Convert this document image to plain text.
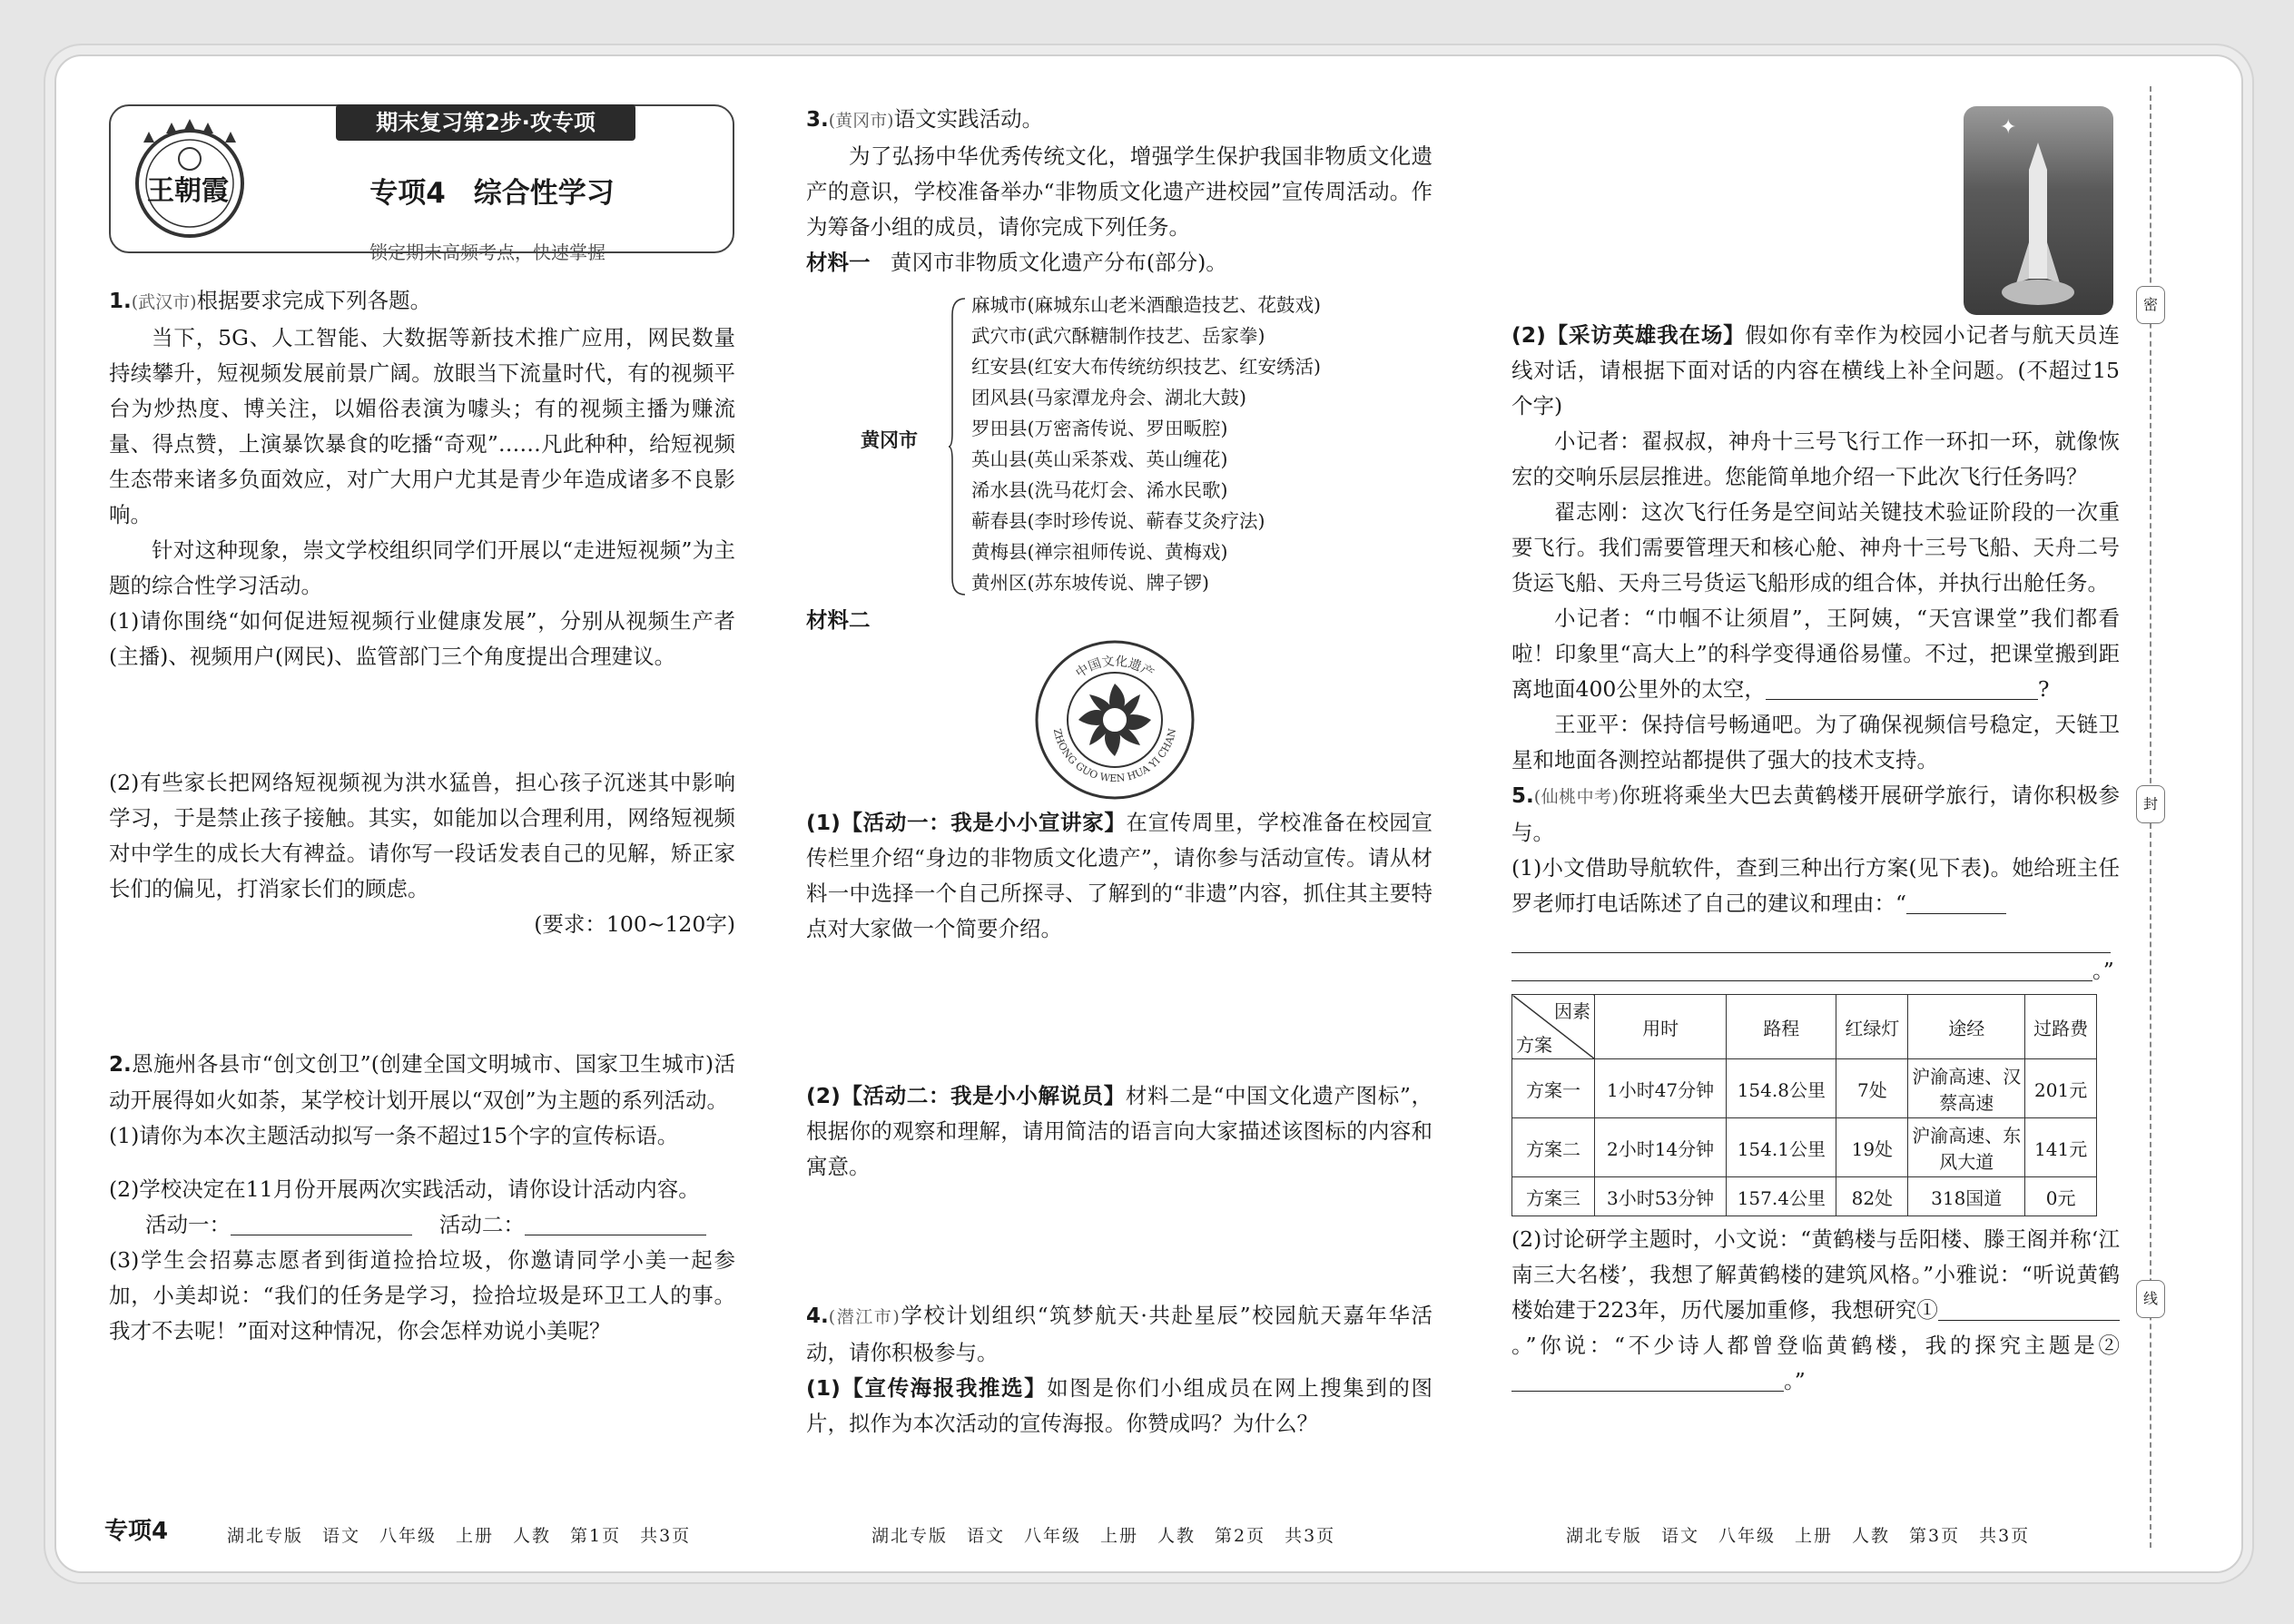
王朝霞
期末复习第2步·攻专项
专项4　综合性学习
锁定期末高频考点，快速掌握

1.(武汉市)根据要求完成下列各题。

当下，5G、人工智能、大数据等新技术推广应用，网民数量持续攀升，短视频发展前景广阔。放眼当下流量时代，有的视频平台为炒热度、博关注，以媚俗表演为噱头；有的视频主播为赚流量、得点赞，上演暴饮暴食的吃播“奇观”……凡此种种，给短视频生态带来诸多负面效应，对广大用户尤其是青少年造成诸多不良影响。

针对这种现象，崇文学校组织同学们开展以“走进短视频”为主题的综合性学习活动。

(1)请你围绕“如何促进短视频行业健康发展”，分别从视频生产者(主播)、视频用户(网民)、监管部门三个角度提出合理建议。

(2)有些家长把网络短视频视为洪水猛兽，担心孩子沉迷其中影响学习，于是禁止孩子接触。其实，如能加以合理利用，网络短视频对中学生的成长大有裨益。请你写一段话发表自己的见解，矫正家长们的偏见，打消家长们的顾虑。

(要求：100~120字)

2.恩施州各县市“创文创卫”(创建全国文明城市、国家卫生城市)活动开展得如火如荼，某学校计划开展以“双创”为主题的系列活动。

(1)请你为本次主题活动拟写一条不超过15个字的宣传标语。

(2)学校决定在11月份开展两次实践活动，请你设计活动内容。

活动一：	活动二：

(3)学生会招募志愿者到街道捡拾垃圾，你邀请同学小美一起参加，小美却说：“我们的任务是学习，捡拾垃圾是环卫工人的事。我才不去呢！”面对这种情况，你会怎样劝说小美呢？

3.(黄冈市)语文实践活动。

为了弘扬中华优秀传统文化，增强学生保护我国非物质文化遗产的意识，学校准备举办“非物质文化遗产进校园”宣传周活动。作为筹备小组的成员，请你完成下列任务。

材料一 黄冈市非物质文化遗产分布(部分)。

黄冈市
麻城市(麻城东山老米酒酿造技艺、花鼓戏)
武穴市(武穴酥糖制作技艺、岳家拳)
红安县(红安大布传统纺织技艺、红安绣活)
团风县(马家潭龙舟会、湖北大鼓)
罗田县(万密斋传说、罗田畈腔)
英山县(英山采茶戏、英山缠花)
浠水县(洗马花灯会、浠水民歌)
蕲春县(李时珍传说、蕲春艾灸疗法)
黄梅县(禅宗祖师传说、黄梅戏)
黄州区(苏东坡传说、牌子锣)

材料二

中国文化遗产
ZHONG GUO WEN HUA YI CHAN

(1)【活动一：我是小小宣讲家】在宣传周里，学校准备在校园宣传栏里介绍“身边的非物质文化遗产”，请你参与活动宣传。请从材料一中选择一个自己所探寻、了解到的“非遗”内容，抓住其主要特点对大家做一个简要介绍。

(2)【活动二：我是小小解说员】材料二是“中国文化遗产图标”，根据你的观察和理解，请用简洁的语言向大家描述该图标的内容和寓意。

4.(潜江市)学校计划组织“筑梦航天·共赴星辰”校园航天嘉年华活动，请你积极参与。

(1)【宣传海报我推选】如图是你们小组成员在网上搜集到的图片，拟作为本次活动的宣传海报。你赞成吗？为什么？

✦

(2)【采访英雄我在场】假如你有幸作为校园小记者与航天员连线对话，请根据下面对话的内容在横线上补全问题。(不超过15个字)

小记者：翟叔叔，神舟十三号飞行工作一环扣一环，就像恢宏的交响乐层层推进。您能简单地介绍一下此次飞行任务吗？

翟志刚：这次飞行任务是空间站关键技术验证阶段的一次重要飞行。我们需要管理天和核心舱、神舟十三号飞船、天舟二号货运飞船、天舟三号货运飞船形成的组合体，并执行出舱任务。

小记者：“巾帼不让须眉”，王阿姨，“天宫课堂”我们都看啦！印象里“高大上”的科学变得通俗易懂。不过，把课堂搬到距离地面400公里外的太空，	?

王亚平：保持信号畅通吧。为了确保视频信号稳定，天链卫星和地面各测控站都提供了强大的技术支持。

5.(仙桃中考)你班将乘坐大巴去黄鹤楼开展研学旅行，请你积极参与。

(1)小文借助导航软件，查到三种出行方案(见下表)。她给班主任罗老师打电话陈述了自己的建议和理由：“

。”

因素
方案	用时	路程	红绿灯	途经	过路费
方案一	1小时47分钟	154.8公里	7处	沪渝高速、汉蔡高速	201元
方案二	2小时14分钟	154.1公里	19处	沪渝高速、东风大道	141元
方案三	3小时53分钟	157.4公里	82处	318国道	0元

(2)讨论研学主题时，小文说：“黄鹤楼与岳阳楼、滕王阁并称‘江南三大名楼’，我想了解黄鹤楼的建筑风格。”小雅说：“听说黄鹤楼始建于223年，历代屡加重修，我想研究①。”你说：“不少诗人都曾登临黄鹤楼，我的探究主题是②。”

密
封
线
专项4	湖北专版　语文　八年级　上册　人教　第1页　共3页	湖北专版　语文　八年级　上册　人教　第2页　共3页	湖北专版　语文　八年级　上册　人教　第3页　共3页
